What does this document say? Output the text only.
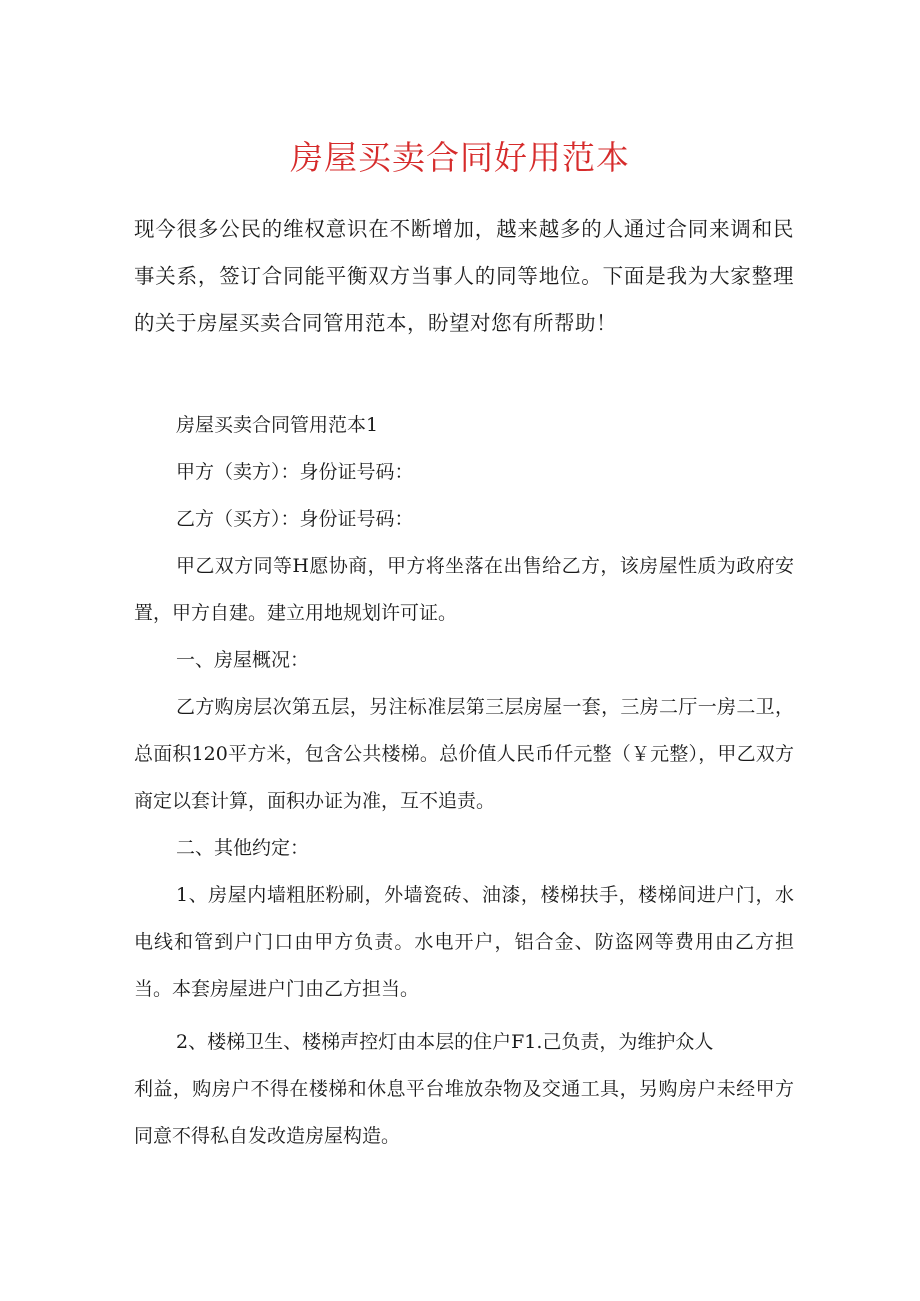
房屋买卖合同好用范本

现今很多公民的维权意识在不断增加，越来越多的人通过合同来调和民事关系，签订合同能平衡双方当事人的同等地位。下面是我为大家整理的关于房屋买卖合同管用范本，盼望对您有所帮助！

房屋买卖合同管用范本1

甲方（卖方）：身份证号码：

乙方（买方）：身份证号码：

甲乙双方同等H愿协商，甲方将坐落在出售给乙方，该房屋性质为政府安置，甲方自建。建立用地规划许可证。

一、房屋概况：

乙方购房层次第五层，另注标准层第三层房屋一套，三房二厅一房二卫，总面积120平方米，包含公共楼梯。总价值人民币仟元整（￥元整），甲乙双方商定以套计算，面积办证为准，互不追责。

二、其他约定：

1、房屋内墙粗胚粉刷，外墙瓷砖、油漆，楼梯扶手，楼梯间进户门，水电线和管到户门口由甲方负责。水电开户，铝合金、防盗网等费用由乙方担当。本套房屋进户门由乙方担当。

2、楼梯卫生、楼梯声控灯由本层的住户F1.己负责，为维护众人

利益，购房户不得在楼梯和休息平台堆放杂物及交通工具，另购房户未经甲方同意不得私自发改造房屋构造。
